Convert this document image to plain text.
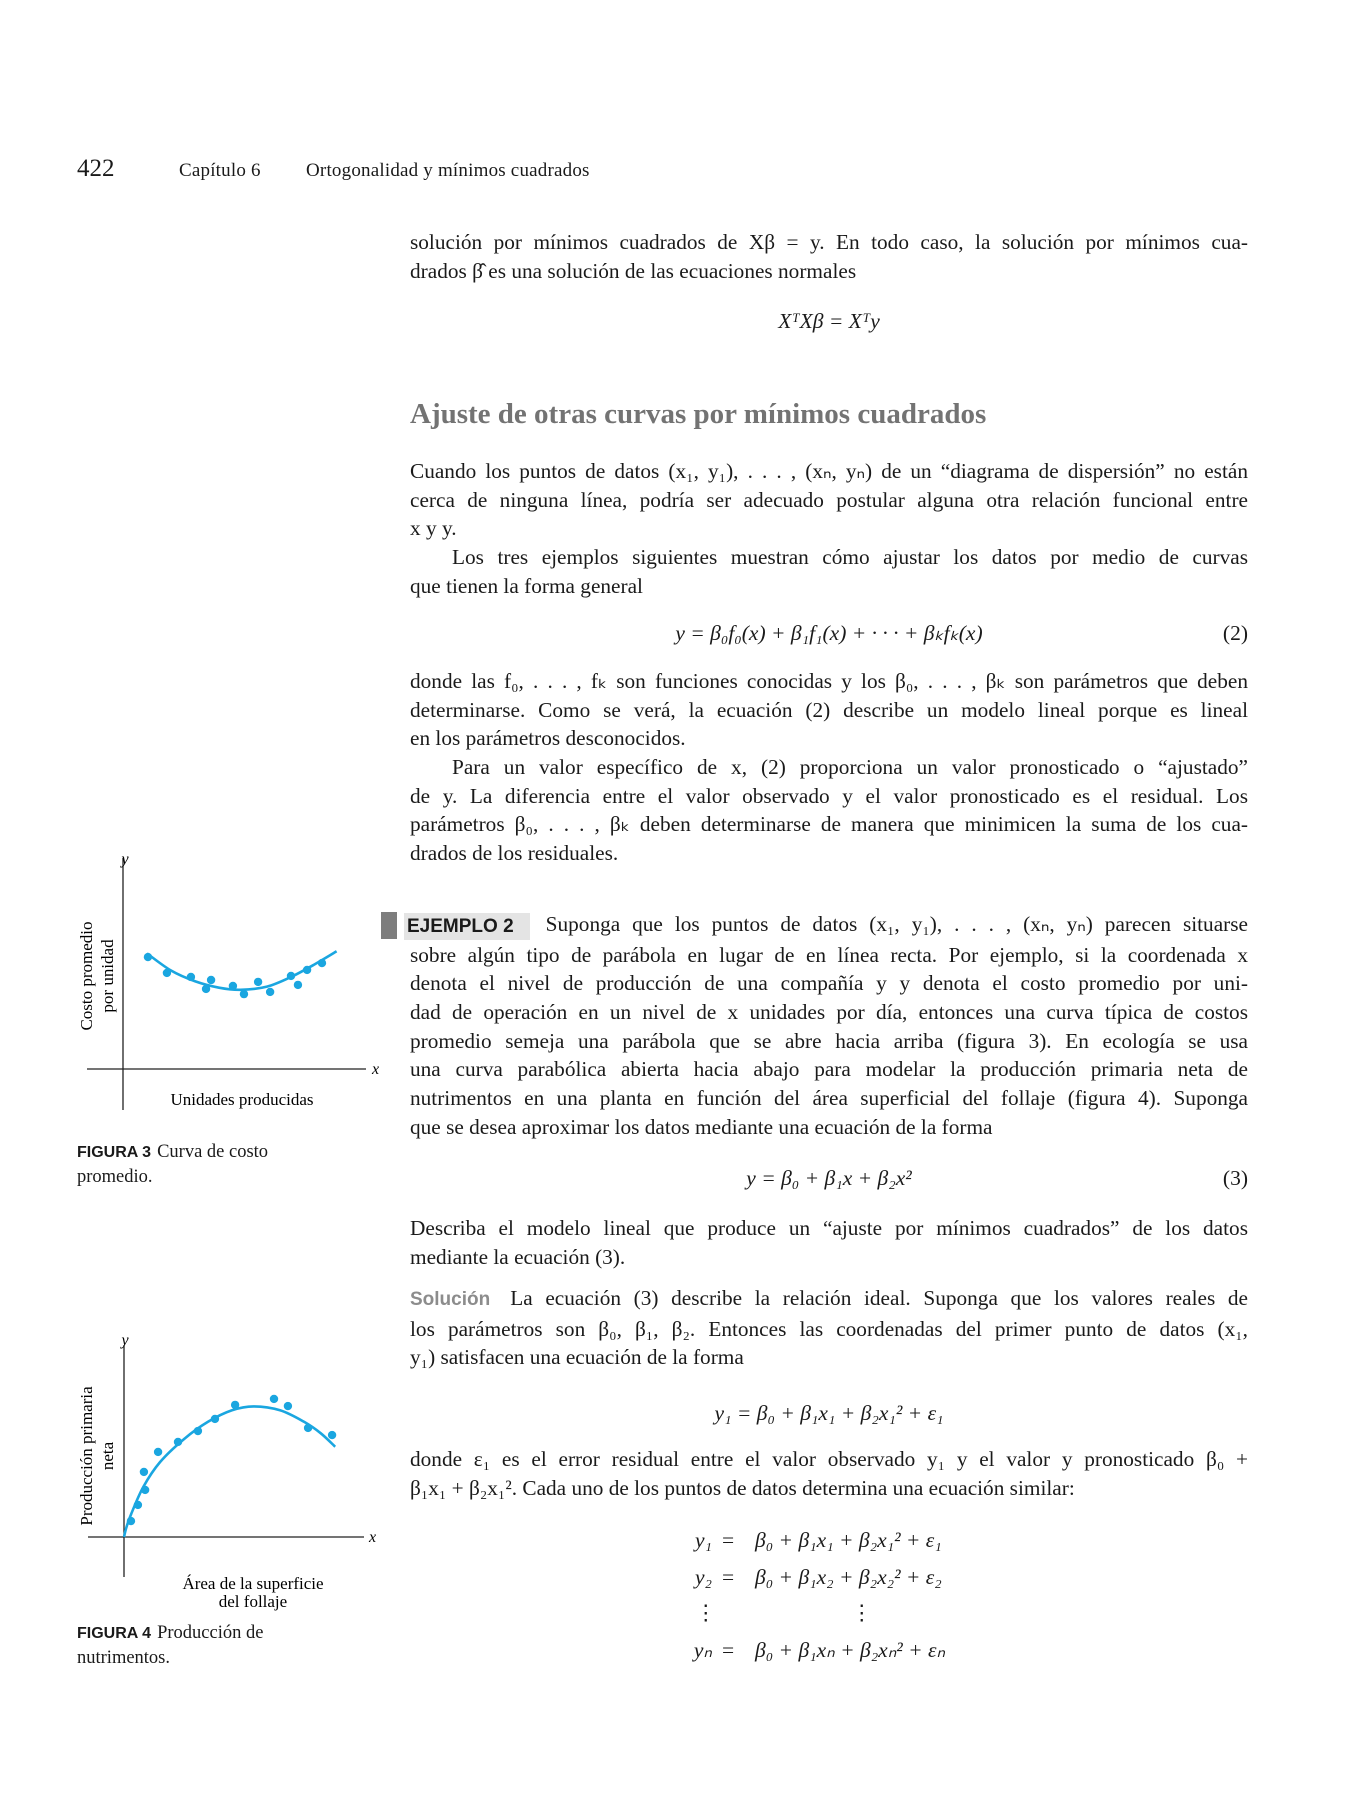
422	Capítulo 6 Ortogonalidad y mínimos cuadrados
solución por mínimos cuadrados de Xβ = y. En todo caso, la solución por mínimos cua-
drados β̂ es una solución de las ecuaciones normales
XᵀXβ = Xᵀy
Ajuste de otras curvas por mínimos cuadrados
Cuando los puntos de datos (x₁, y₁), . . . , (xₙ, yₙ) de un “diagrama de dispersión” no están
cerca de ninguna línea, podría ser adecuado postular alguna otra relación funcional entre
x y y.
Los tres ejemplos siguientes muestran cómo ajustar los datos por medio de curvas
que tienen la forma general
y = β₀f₀(x) + β₁f₁(x) + · · · + βₖfₖ(x)	(2)
donde las f₀, . . . , fₖ son funciones conocidas y los β₀, . . . , βₖ son parámetros que deben
determinarse. Como se verá, la ecuación (2) describe un modelo lineal porque es lineal
en los parámetros desconocidos.
Para un valor específico de x, (2) proporciona un valor pronosticado o “ajustado”
de y. La diferencia entre el valor observado y el valor pronosticado es el residual. Los
parámetros β₀, . . . , βₖ deben determinarse de manera que minimicen la suma de los cua-
drados de los residuales.
EJEMPLO 2	Suponga que los puntos de datos (x₁, y₁), . . . , (xₙ, yₙ) parecen situarse
sobre algún tipo de parábola en lugar de en línea recta. Por ejemplo, si la coordenada x
denota el nivel de producción de una compañía y y denota el costo promedio por uni-
dad de operación en un nivel de x unidades por día, entonces una curva típica de costos
promedio semeja una parábola que se abre hacia arriba (figura 3). En ecología se usa
una curva parabólica abierta hacia abajo para modelar la producción primaria neta de
nutrimentos en una planta en función del área superficial del follaje (figura 4). Suponga
que se desea aproximar los datos mediante una ecuación de la forma
y = β₀ + β₁x + β₂x²	(3)
Describa el modelo lineal que produce un “ajuste por mínimos cuadrados” de los datos
mediante la ecuación (3).
Solución La ecuación (3) describe la relación ideal. Suponga que los valores reales de
los parámetros son β₀, β₁, β₂. Entonces las coordenadas del primer punto de datos (x₁,
y₁) satisfacen una ecuación de la forma
y₁ = β₀ + β₁x₁ + β₂x₁² + ε₁
donde ε₁ es el error residual entre el valor observado y₁ y el valor y pronosticado β₀ +
β₁x₁ + β₂x₁². Cada uno de los puntos de datos determina una ecuación similar:
y₁ = β₀ + β₁x₁ + β₂x₁² + ε₁
y₂ = β₀ + β₁x₂ + β₂x₂² + ε₂
⋮	⋮
yₙ = β₀ + β₁xₙ + β₂xₙ² + εₙ
y
x
Costo promedio por unidad
Unidades producidas
FIGURA 3 Curva de costo
promedio.
y
x
Producción primaria neta
Área de la superficie
del follaje
FIGURA 4 Producción de
nutrimentos.
